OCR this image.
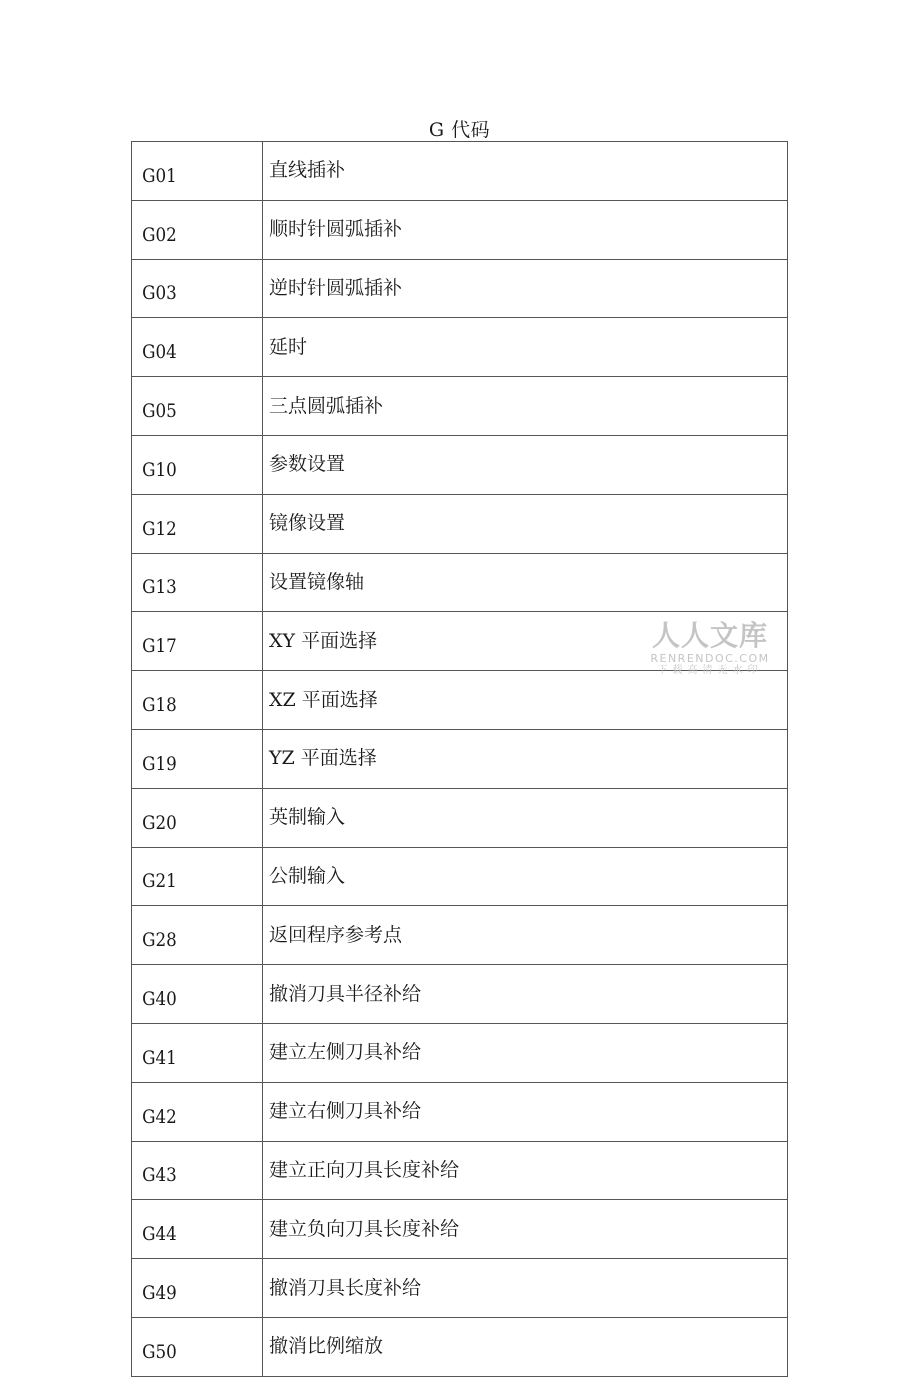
G 代码
G01	直线插补
G02	顺时针圆弧插补
G03	逆时针圆弧插补
G04	延时
G05	三点圆弧插补
G10	参数设置
G12	镜像设置
G13	设置镜像轴
G17	XY 平面选择
G18	XZ 平面选择
G19	YZ 平面选择
G20	英制输入
G21	公制输入
G28	返回程序参考点
G40	撤消刀具半径补给
G41	建立左侧刀具补给
G42	建立右侧刀具补给
G43	建立正向刀具长度补给
G44	建立负向刀具长度补给
G49	撤消刀具长度补给
G50	撤消比例缩放
人人文库
RENRENDOC.COM
下载高清无水印
